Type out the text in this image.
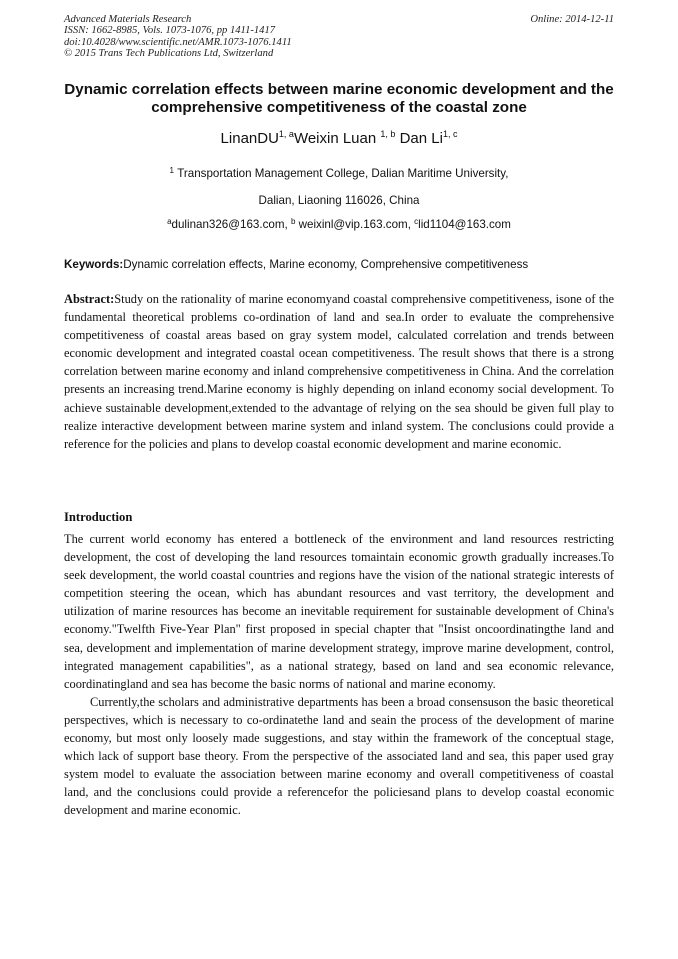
Advanced Materials Research
ISSN: 1662-8985, Vols. 1073-1076, pp 1411-1417
doi:10.4028/www.scientific.net/AMR.1073-1076.1411
© 2015 Trans Tech Publications Ltd, Switzerland
Online: 2014-12-11
Dynamic correlation effects between marine economic development and the comprehensive competitiveness of the coastal zone
LinanDU$^{1, a}$Weixin Luan $^{1, b}$ Dan Li$^{1, c}$
$^1$ Transportation Management College, Dalian Maritime University,
Dalian, Liaoning 116026, China
$^a$dulinan326@163.com, $^b$ weixinl@vip.163.com, $^c$lid1104@163.com
Keywords:Dynamic correlation effects, Marine economy, Comprehensive competitiveness

Abstract:Study on the rationality of marine economyand coastal comprehensive competitiveness, isone of the fundamental theoretical problems co-ordination of land and sea.In order to evaluate the comprehensive competitiveness of coastal areas based on gray system model, calculated correlation and trends between economic development and integrated coastal ocean competitiveness. The result shows that there is a strong correlation between marine economy and inland comprehensive competitiveness in China. And the correlation presents an increasing trend.Marine economy is highly depending on inland economy social development. To achieve sustainable development,extended to the advantage of relying on the sea should be given full play to realize interactive development between marine system and inland system. The conclusions could provide a reference for the policies and plans to develop coastal economic development and marine economic.

Introduction

The current world economy has entered a bottleneck of the environment and land resources restricting development, the cost of developing the land resources tomaintain economic growth gradually increases.To seek development, the world coastal countries and regions have the vision of the national strategic interests of competition steering the ocean, which has abundant resources and vast territory, the development and utilization of marine resources has become an inevitable requirement for sustainable development of China's economy."Twelfth Five-Year Plan" first proposed in special chapter that "Insist oncoordinatingthe land and sea, development and implementation of marine development strategy, improve marine development, control, integrated management capabilities", as a national strategy, based on land and sea economic relevance, coordinatingland and sea has become the basic norms of national and marine economy.

Currently,the scholars and administrative departments has been a broad consensuson the basic theoretical perspectives, which is necessary to co-ordinatethe land and seain the process of the development of marine economy, but most only loosely made suggestions, and stay within the framework of the conceptual stage, which lack of support base theory. From the perspective of the associated land and sea, this paper used gray system model to evaluate the association between marine economy and overall competitiveness of coastal land, and the conclusions could provide a referencefor the policiesand plans to develop coastal economic development and marine economic.
